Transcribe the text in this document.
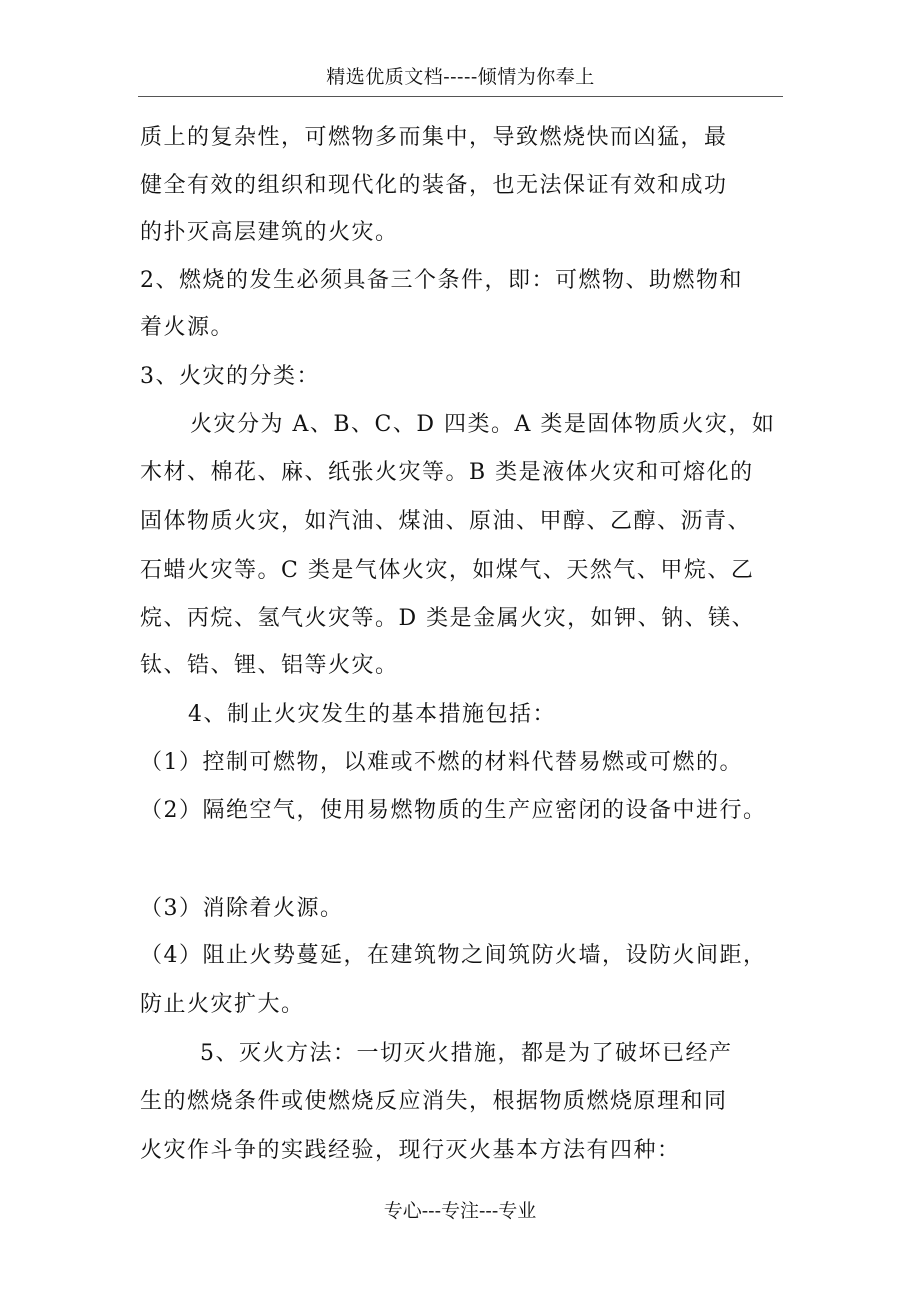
精选优质文档-----倾情为你奉上
质上的复杂性，可燃物多而集中，导致燃烧快而凶猛，最
健全有效的组织和现代化的装备，也无法保证有效和成功
的扑灭高层建筑的火灾。
2、燃烧的发生必须具备三个条件，即：可燃物、助燃物和
着火源。
3、火灾的分类：
火灾分为 A、B、C、D 四类。A 类是固体物质火灾，如
木材、棉花、麻、纸张火灾等。B 类是液体火灾和可熔化的
固体物质火灾，如汽油、煤油、原油、甲醇、乙醇、沥青、
石蜡火灾等。C 类是气体火灾，如煤气、天然气、甲烷、乙
烷、丙烷、氢气火灾等。D 类是金属火灾，如钾、钠、镁、
钛、锆、锂、铝等火灾。
4、制止火灾发生的基本措施包括：
（1）控制可燃物，以难或不燃的材料代替易燃或可燃的。
（2）隔绝空气，使用易燃物质的生产应密闭的设备中进行。
（3）消除着火源。
（4）阻止火势蔓延，在建筑物之间筑防火墙，设防火间距，
防止火灾扩大。
5、灭火方法：一切灭火措施，都是为了破坏已经产
生的燃烧条件或使燃烧反应消失，根据物质燃烧原理和同
火灾作斗争的实践经验，现行灭火基本方法有四种：
专心---专注---专业
